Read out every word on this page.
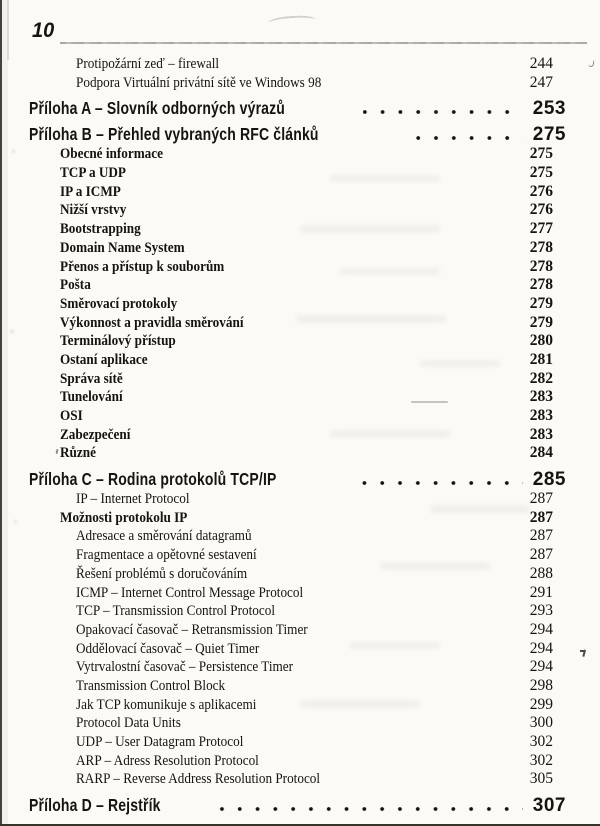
10
Protipožární zeď – firewall	244
Podpora Virtuální privátní sítě ve Windows 98	247
Příloha A – Slovník odborných výrazů	253
Příloha B – Přehled vybraných RFC článků	275
Obecné informace	275
TCP a UDP	275
IP a ICMP	276
Nižší vrstvy	276
Bootstrapping	277
Domain Name System	278
Přenos a přístup k souborům	278
Pošta	278
Směrovací protokoly	279
Výkonnost a pravidla směrování	279
Terminálový přístup	280
Ostaní aplikace	281
Správa sítě	282
Tunelování	283
OSI	283
Zabezpečení	283
Různé	284
Příloha C – Rodina protokolů TCP/IP	285
IP – Internet Protocol	287
Možnosti protokolu IP	287
Adresace a směrování datagramů	287
Fragmentace a opětovné sestavení	287
Řešení problémů s doručováním	288
ICMP – Internet Control Message Protocol	291
TCP – Transmission Control Protocol	293
Opakovací časovač – Retransmission Timer	294
Oddělovací časovač – Quiet Timer	294
Vytrvalostní časovač – Persistence Timer	294
Transmission Control Block	298
Jak TCP komunikuje s aplikacemi	299
Protocol Data Units	300
UDP – User Datagram Protocol	302
ARP – Adress Resolution Protocol	302
RARP – Reverse Address Resolution Protocol	305
Příloha D – Rejstřík	307
